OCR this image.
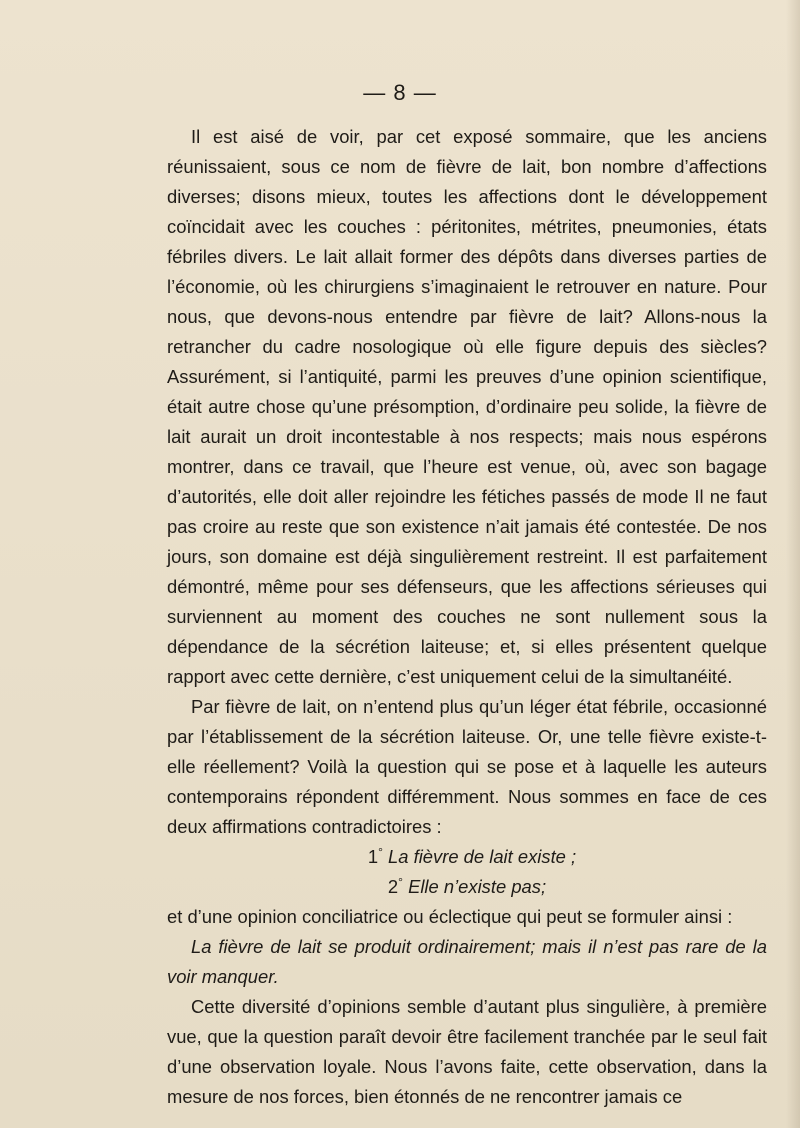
— 8 —

Il est aisé de voir, par cet exposé sommaire, que les anciens réunissaient, sous ce nom de fièvre de lait, bon nombre d’affections diverses; disons mieux, toutes les affections dont le développement coïncidait avec les couches : péritonites, métrites, pneumonies, états fébriles divers. Le lait allait former des dépôts dans diverses parties de l’économie, où les chirurgiens s’imaginaient le retrouver en nature. Pour nous, que devons-nous entendre par fièvre de lait? Allons-nous la retrancher du cadre nosologique où elle figure depuis des siècles? Assurément, si l’antiquité, parmi les preuves d’une opinion scientifique, était autre chose qu’une présomption, d’ordinaire peu solide, la fièvre de lait aurait un droit incontestable à nos respects; mais nous espérons montrer, dans ce travail, que l’heure est venue, où, avec son bagage d’autorités, elle doit aller rejoindre les fétiches passés de mode Il ne faut pas croire au reste que son existence n’ait jamais été contestée. De nos jours, son domaine est déjà singulièrement restreint. Il est parfaitement démontré, même pour ses défenseurs, que les affections sérieuses qui surviennent au moment des couches ne sont nullement sous la dépendance de la sécrétion laiteuse; et, si elles présentent quelque rapport avec cette dernière, c’est uniquement celui de la simultanéité.

Par fièvre de lait, on n’entend plus qu’un léger état fébrile, occasionné par l’établissement de la sécrétion laiteuse. Or, une telle fièvre existe-t-elle réellement? Voilà la question qui se pose et à laquelle les auteurs contemporains répondent différemment. Nous sommes en face de ces deux affirmations contradictoires :

1° La fièvre de lait existe ;

2° Elle n’existe pas;

et d’une opinion conciliatrice ou éclectique qui peut se formuler ainsi :

La fièvre de lait se produit ordinairement; mais il n’est pas rare de la voir manquer.

Cette diversité d’opinions semble d’autant plus singulière, à première vue, que la question paraît devoir être facilement tranchée par le seul fait d’une observation loyale. Nous l’avons faite, cette observation, dans la mesure de nos forces, bien étonnés de ne rencontrer jamais ce
